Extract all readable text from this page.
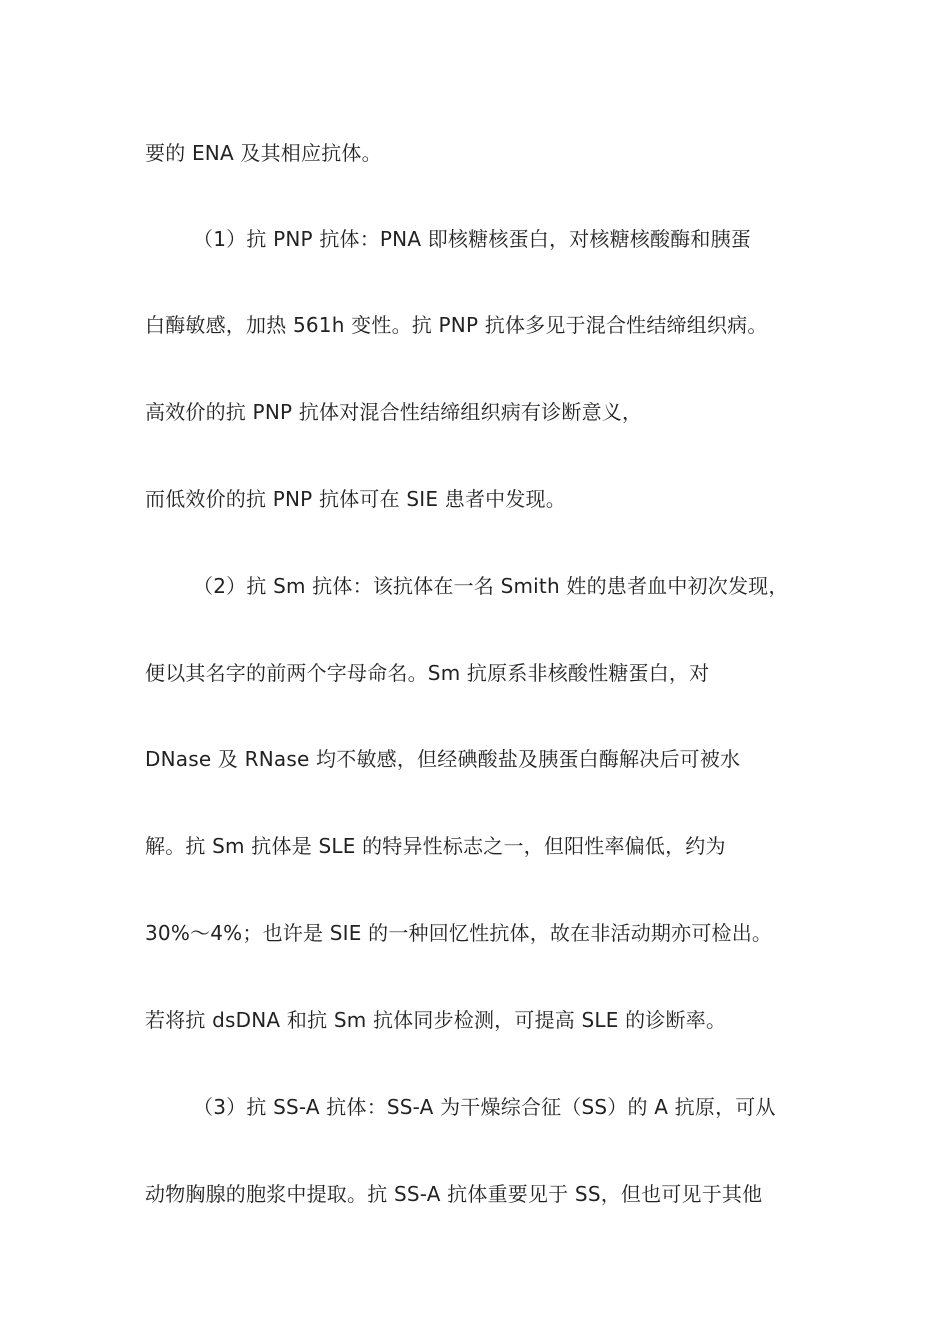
要的 ENA 及其相应抗体。
（1）抗 PNP 抗体：PNA 即核糖核蛋白，对核糖核酸酶和胰蛋
白酶敏感，加热 561h 变性。抗 PNP 抗体多见于混合性结缔组织病。
高效价的抗 PNP 抗体对混合性结缔组织病有诊断意义，
而低效价的抗 PNP 抗体可在 SIE 患者中发现。
（2）抗 Sm 抗体：该抗体在一名 Smith 姓的患者血中初次发现，
便以其名字的前两个字母命名。Sm 抗原系非核酸性糖蛋白，对
DNase 及 RNase 均不敏感，但经碘酸盐及胰蛋白酶解决后可被水
解。抗 Sm 抗体是 SLE 的特异性标志之一，但阳性率偏低，约为
30%～4%；也许是 SIE 的一种回忆性抗体，故在非活动期亦可检出。
若将抗 dsDNA 和抗 Sm 抗体同步检测，可提高 SLE 的诊断率。
（3）抗 SS-A 抗体：SS-A 为干燥综合征（SS）的 A 抗原，可从
动物胸腺的胞浆中提取。抗 SS-A 抗体重要见于 SS，但也可见于其他
